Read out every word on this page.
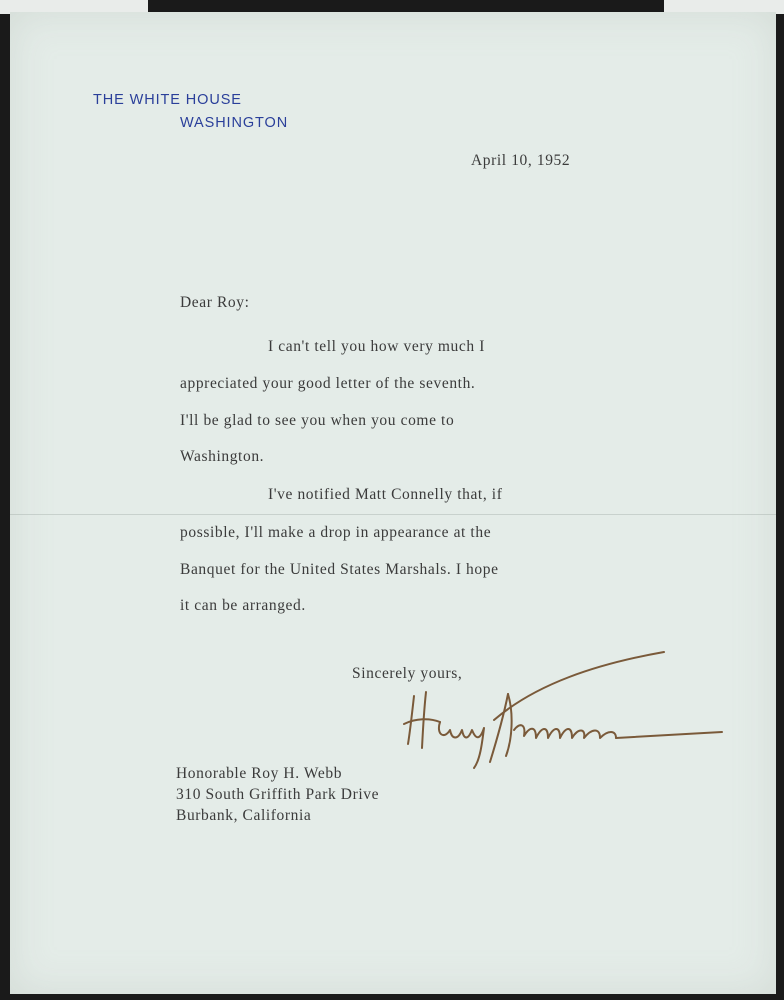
THE WHITE HOUSE
WASHINGTON
April 10, 1952
Dear Roy:
I can't tell you how very much I
appreciated your good letter of the seventh.
I'll be glad to see you when you come to
Washington.
I've notified Matt Connelly that, if
possible, I'll make a drop in appearance at the
Banquet for the United States Marshals. I hope
it can be arranged.
Sincerely yours,
Honorable Roy H. Webb
310 South Griffith Park Drive
Burbank, California
